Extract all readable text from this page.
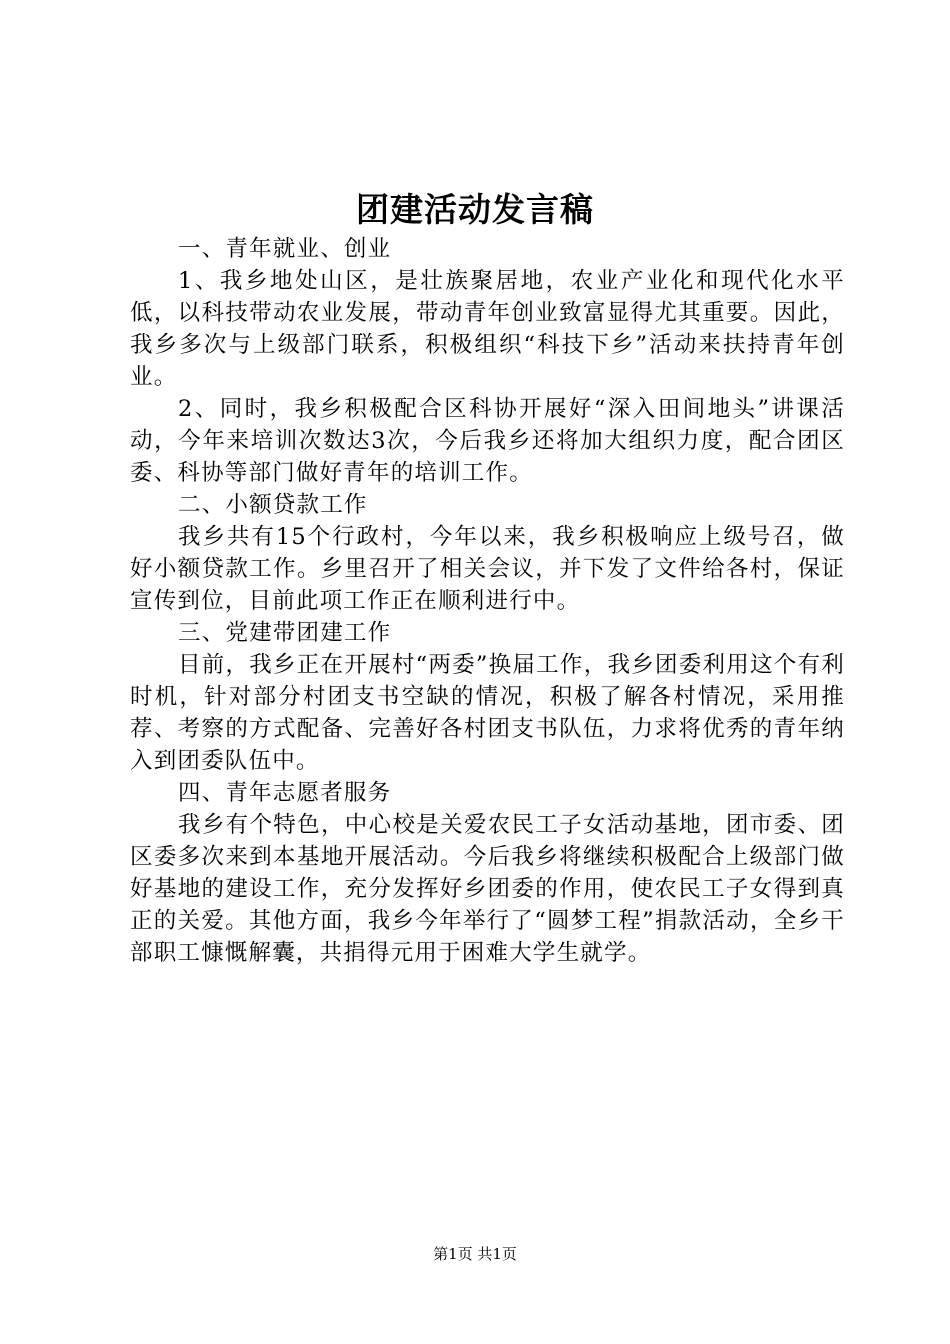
团建活动发言稿

一、青年就业、创业

1、我乡地处山区，是壮族聚居地，农业产业化和现代化水平低，以科技带动农业发展，带动青年创业致富显得尤其重要。因此，我乡多次与上级部门联系，积极组织“科技下乡”活动来扶持青年创业。

2、同时，我乡积极配合区科协开展好“深入田间地头”讲课活动，今年来培训次数达3次，今后我乡还将加大组织力度，配合团区委、科协等部门做好青年的培训工作。

二、小额贷款工作

我乡共有15个行政村，今年以来，我乡积极响应上级号召，做好小额贷款工作。乡里召开了相关会议，并下发了文件给各村，保证宣传到位，目前此项工作正在顺利进行中。

三、党建带团建工作

目前，我乡正在开展村“两委”换届工作，我乡团委利用这个有利时机，针对部分村团支书空缺的情况，积极了解各村情况，采用推荐、考察的方式配备、完善好各村团支书队伍，力求将优秀的青年纳入到团委队伍中。

四、青年志愿者服务

我乡有个特色，中心校是关爱农民工子女活动基地，团市委、团区委多次来到本基地开展活动。今后我乡将继续积极配合上级部门做好基地的建设工作，充分发挥好乡团委的作用，使农民工子女得到真正的关爱。其他方面，我乡今年举行了“圆梦工程”捐款活动，全乡干部职工慷慨解囊，共捐得元用于困难大学生就学。

第1页 共1页
